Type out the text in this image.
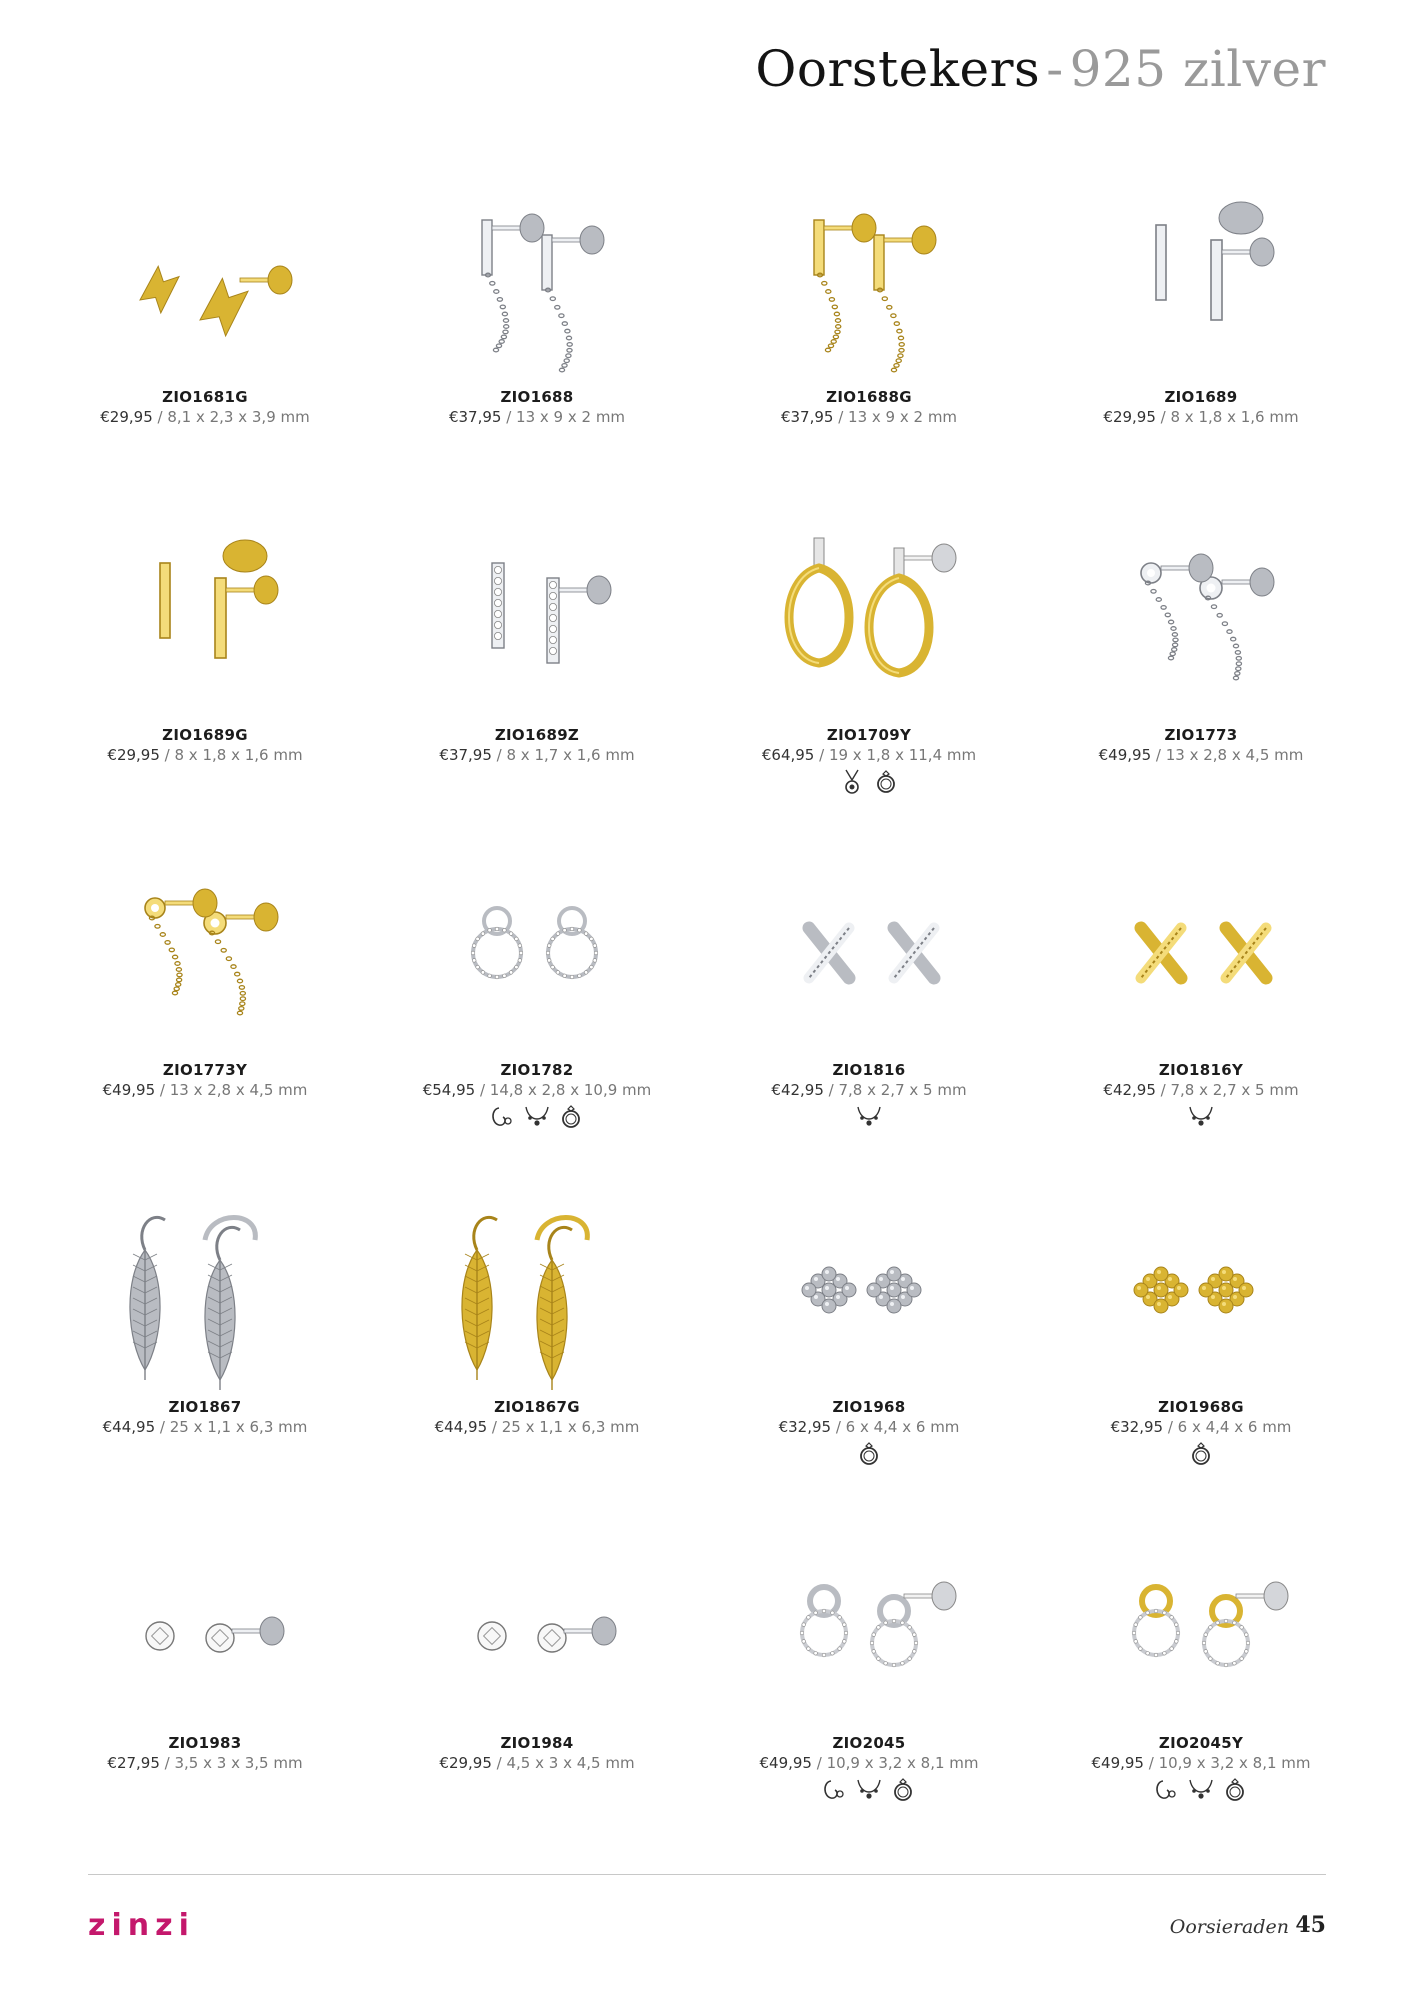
Oorstekers - 925 zilver
ZIO1681G
€29,95 / 8,1 x 2,3 x 3,9 mm
ZIO1688
€37,95 / 13 x 9 x 2 mm
ZIO1688G
€37,95 / 13 x 9 x 2 mm
ZIO1689
€29,95 / 8 x 1,8 x 1,6 mm
ZIO1689G
€29,95 / 8 x 1,8 x 1,6 mm
ZIO1689Z
€37,95 / 8 x 1,7 x 1,6 mm
ZIO1709Y
€64,95 / 19 x 1,8 x 11,4 mm
ZIO1773
€49,95 / 13 x 2,8 x 4,5 mm
ZIO1773Y
€49,95 / 13 x 2,8 x 4,5 mm
ZIO1782
€54,95 / 14,8 x 2,8 x 10,9 mm
ZIO1816
€42,95 / 7,8 x 2,7 x 5 mm
ZIO1816Y
€42,95 / 7,8 x 2,7 x 5 mm
ZIO1867
€44,95 / 25 x 1,1 x 6,3 mm
ZIO1867G
€44,95 / 25 x 1,1 x 6,3 mm
ZIO1968
€32,95 / 6 x 4,4 x 6 mm
ZIO1968G
€32,95 / 6 x 4,4 x 6 mm
ZIO1983
€27,95 / 3,5 x 3 x 3,5 mm
ZIO1984
€29,95 / 4,5 x 3 x 4,5 mm
ZIO2045
€49,95 / 10,9 x 3,2 x 8,1 mm
ZIO2045Y
€49,95 / 10,9 x 3,2 x 8,1 mm
zinzi	Oorsieraden 45
